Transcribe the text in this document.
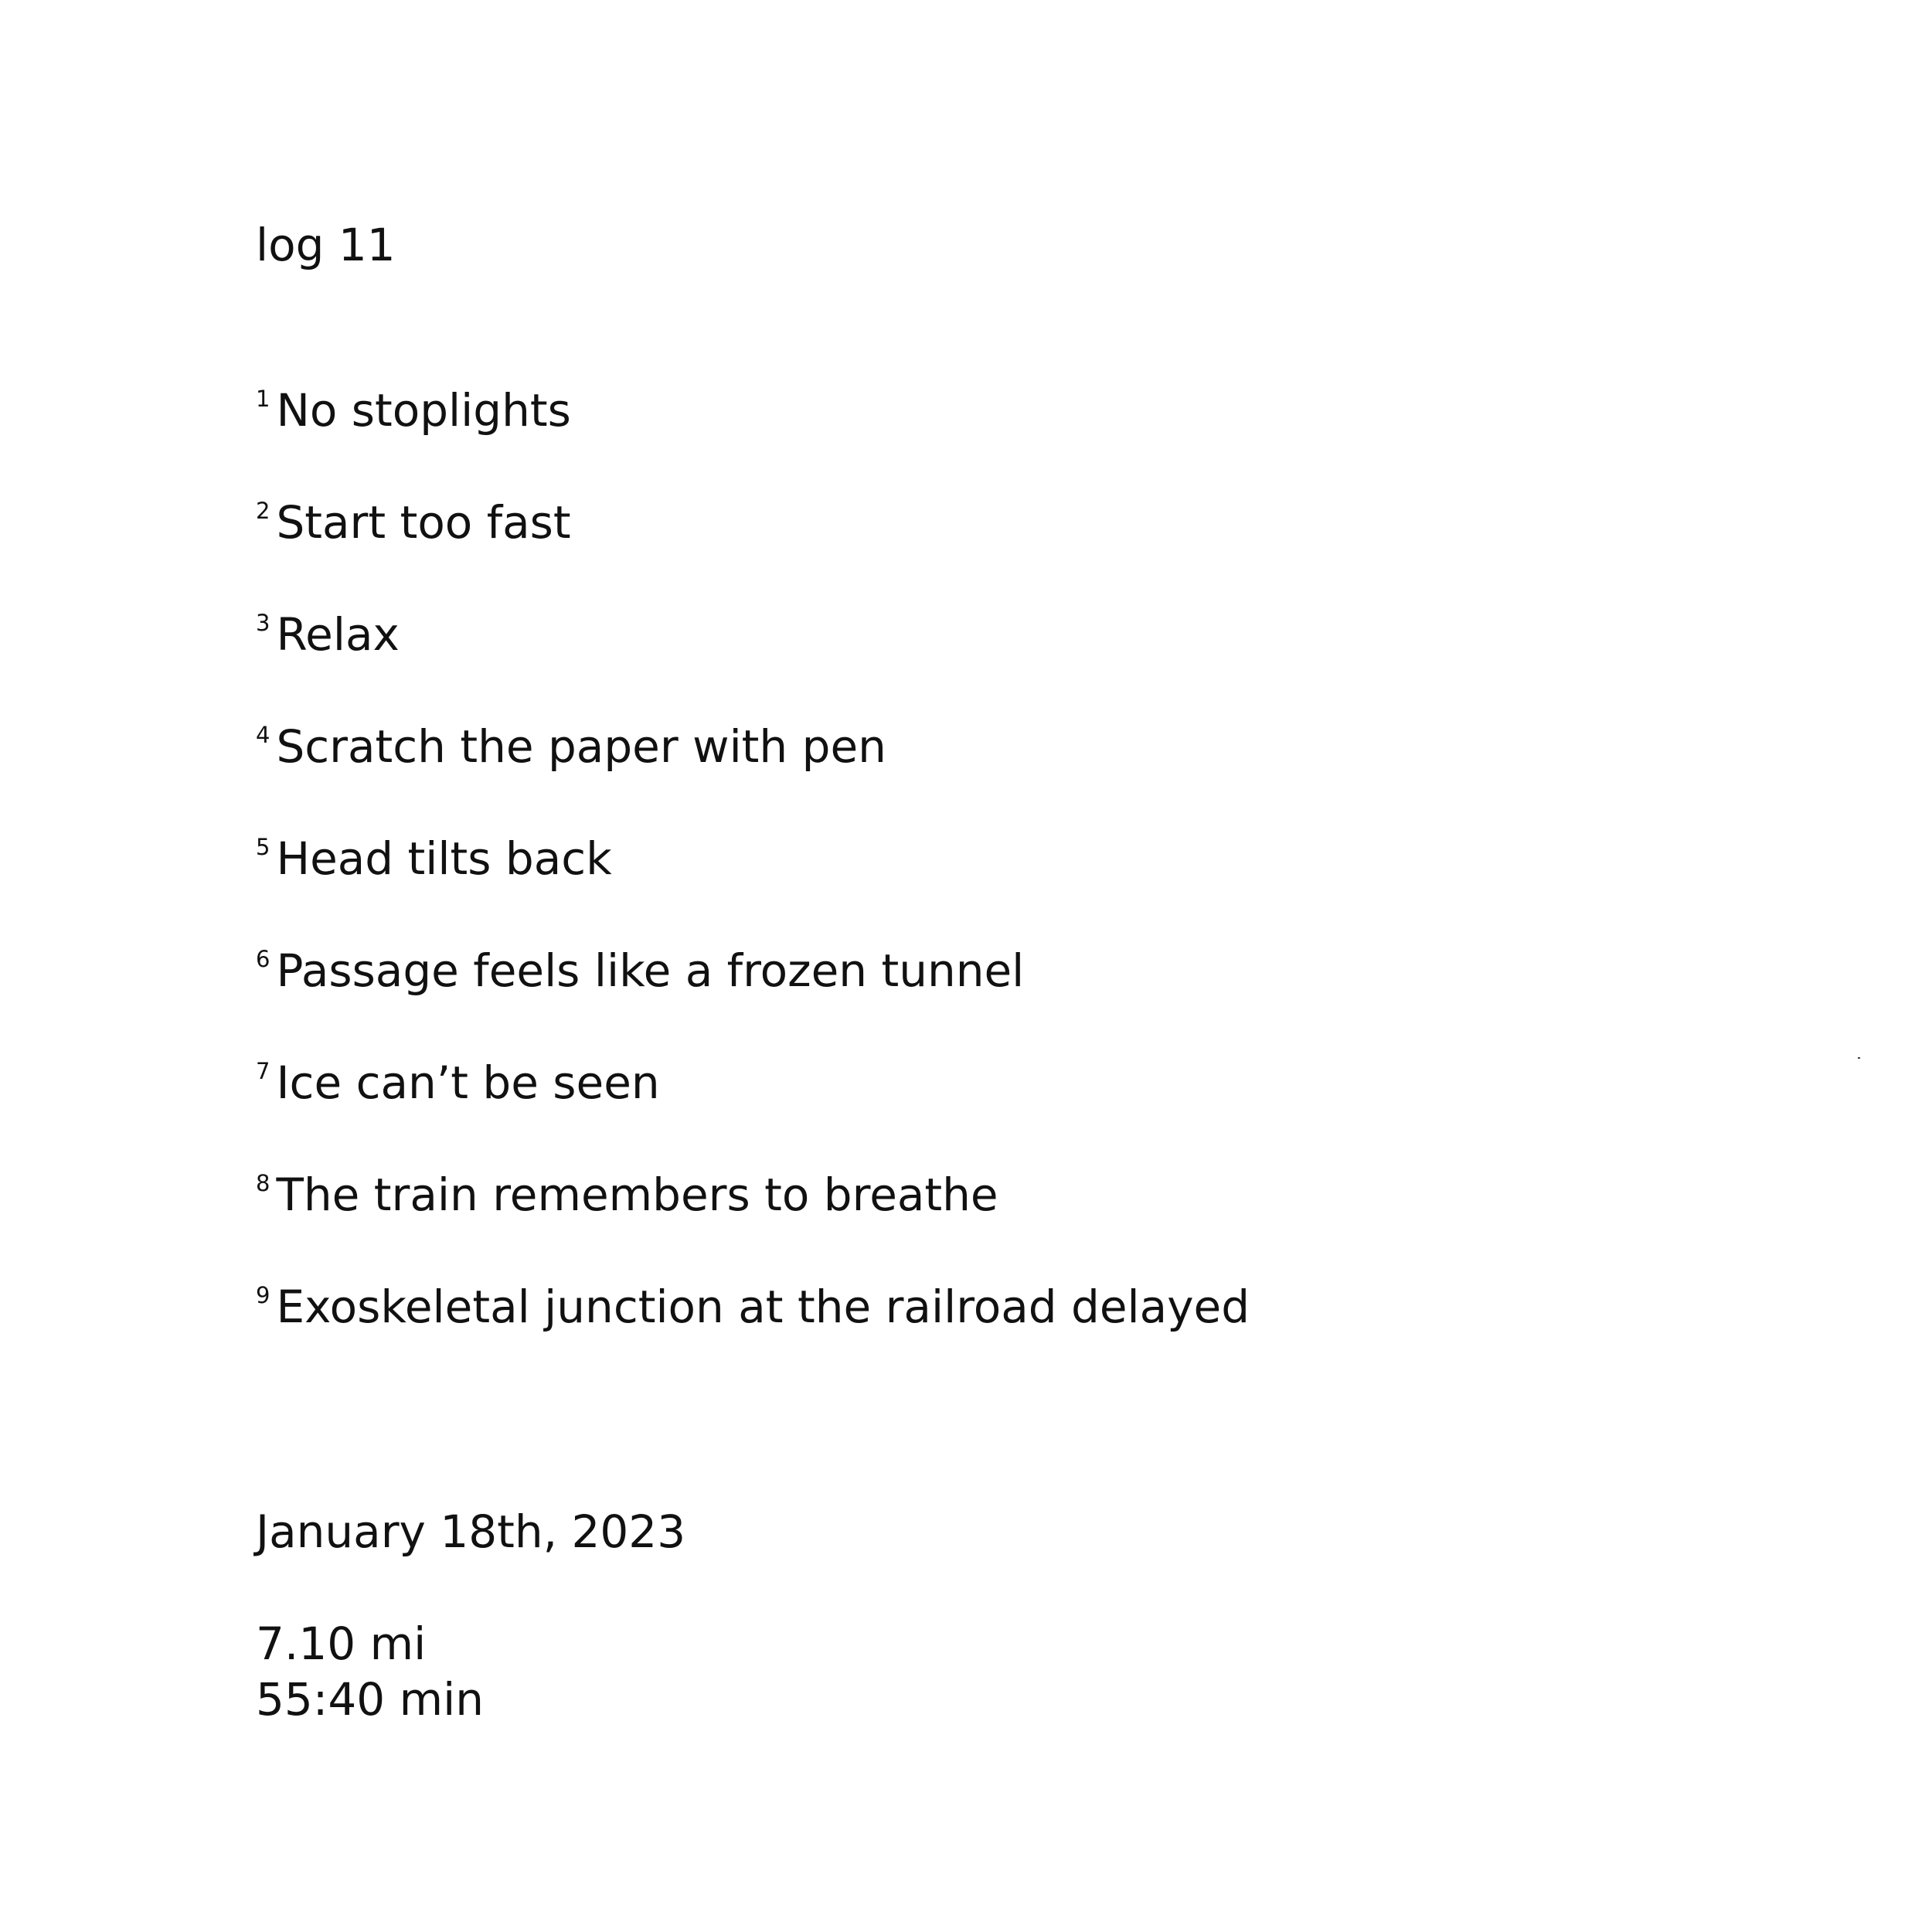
log 11
$^1$ No stoplights
$^2$ Start too fast
$^3$ Relax
$^4$ Scratch the paper with pen
$^5$ Head tilts back
$^6$ Passage feels like a frozen tunnel
$^7$ Ice can’t be seen
$^8$ The train remembers to breathe
$^9$ Exoskeletal junction at the railroad delayed
January 18th, 2023
7.10 mi
55:40 min
